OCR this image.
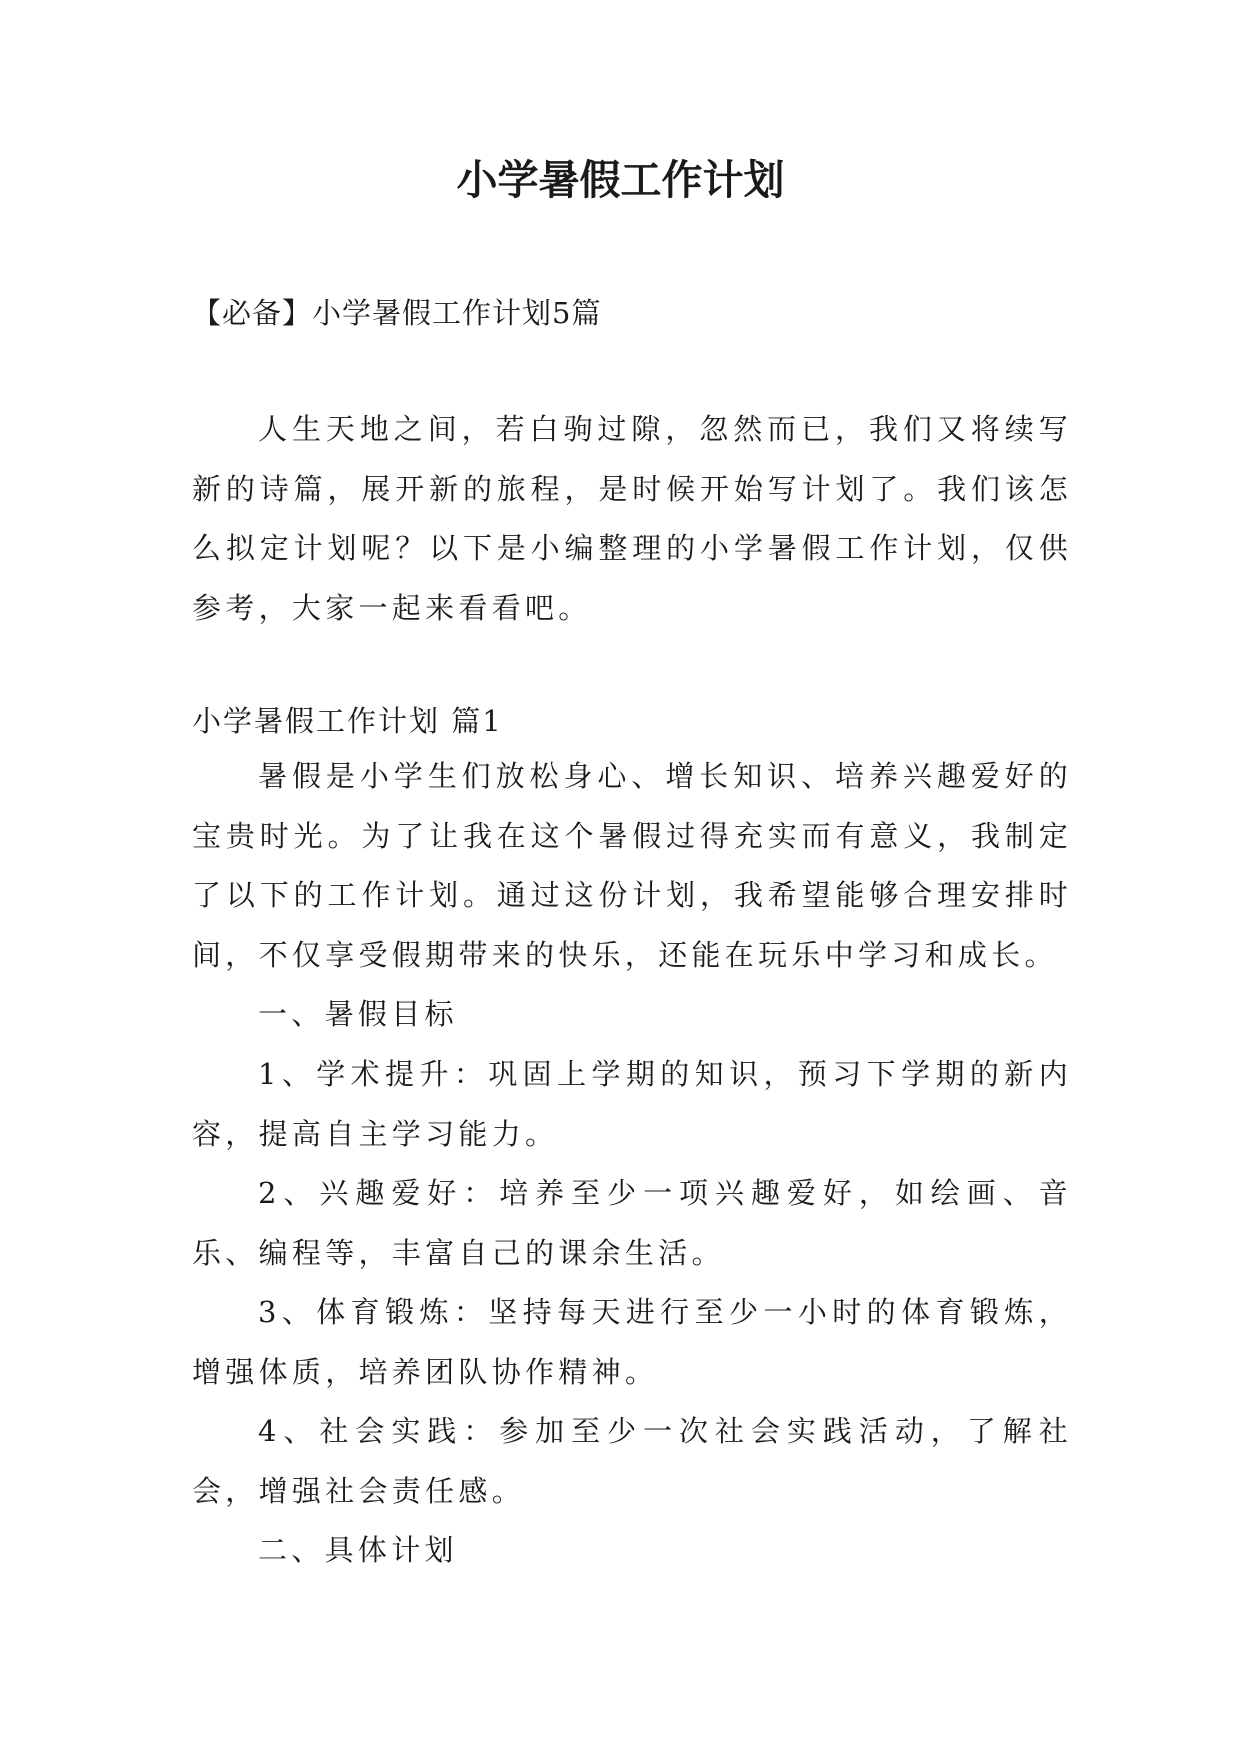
小学暑假工作计划
【必备】小学暑假工作计划5篇

人生天地之间，若白驹过隙，忽然而已，我们又将续写新的诗篇，展开新的旅程，是时候开始写计划了。我们该怎么拟定计划呢？以下是小编整理的小学暑假工作计划，仅供参考，大家一起来看看吧。

小学暑假工作计划 篇1

暑假是小学生们放松身心、增长知识、培养兴趣爱好的宝贵时光。为了让我在这个暑假过得充实而有意义，我制定了以下的工作计划。通过这份计划，我希望能够合理安排时间，不仅享受假期带来的快乐，还能在玩乐中学习和成长。

一、暑假目标

1、学术提升：巩固上学期的知识，预习下学期的新内容，提高自主学习能力。

2、兴趣爱好：培养至少一项兴趣爱好，如绘画、音乐、编程等，丰富自己的课余生活。

3、体育锻炼：坚持每天进行至少一小时的体育锻炼，增强体质，培养团队协作精神。

4、社会实践：参加至少一次社会实践活动，了解社会，增强社会责任感。

二、具体计划
